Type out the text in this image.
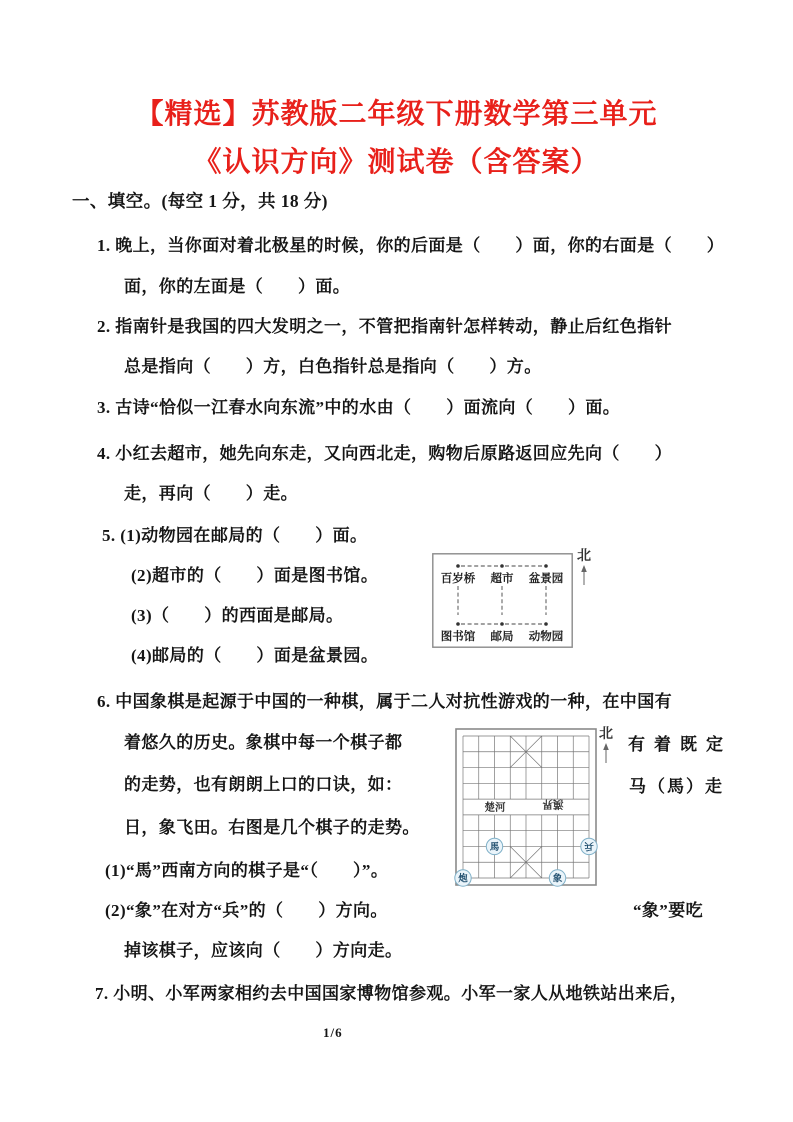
【精选】苏教版二年级下册数学第三单元
《认识方向》测试卷（含答案）
一、填空。(每空 1 分，共 18 分)
1. 晚上，当你面对着北极星的时候，你的后面是（　　）面，你的右面是（　　）
面，你的左面是（　　）面。
2. 指南针是我国的四大发明之一，不管把指南针怎样转动，静止后红色指针
总是指向（　　）方，白色指针总是指向（　　）方。
3. 古诗“恰似一江春水向东流”中的水由（　　）面流向（　　）面。
4. 小红去超市，她先向东走，又向西北走，购物后原路返回应先向（　　）
走，再向（　　）走。
5. (1)动物园在邮局的（　　）面。
(2)超市的（　　）面是图书馆。
(3)（　　）的西面是邮局。
(4)邮局的（　　）面是盆景园。
百岁桥 超市 盆景园
图书馆 邮局 动物园
北
6. 中国象棋是起源于中国的一种棋，属于二人对抗性游戏的一种，在中国有
着悠久的历史。象棋中每一个棋子都
的走势，也有朗朗上口的口诀，如：
日，象飞田。右图是几个棋子的走势。
(1)“馬”西南方向的棋子是“（　　）”。
(2)“象”在对方“兵”的（　　）方向。
有着既定
马（馬）走
“象”要吃
掉该棋子，应该向（　　）方向走。
楚河	漢界
馬	兵
炮	象
北
7. 小明、小军两家相约去中国国家博物馆参观。小军一家人从地铁站出来后，
1/6
